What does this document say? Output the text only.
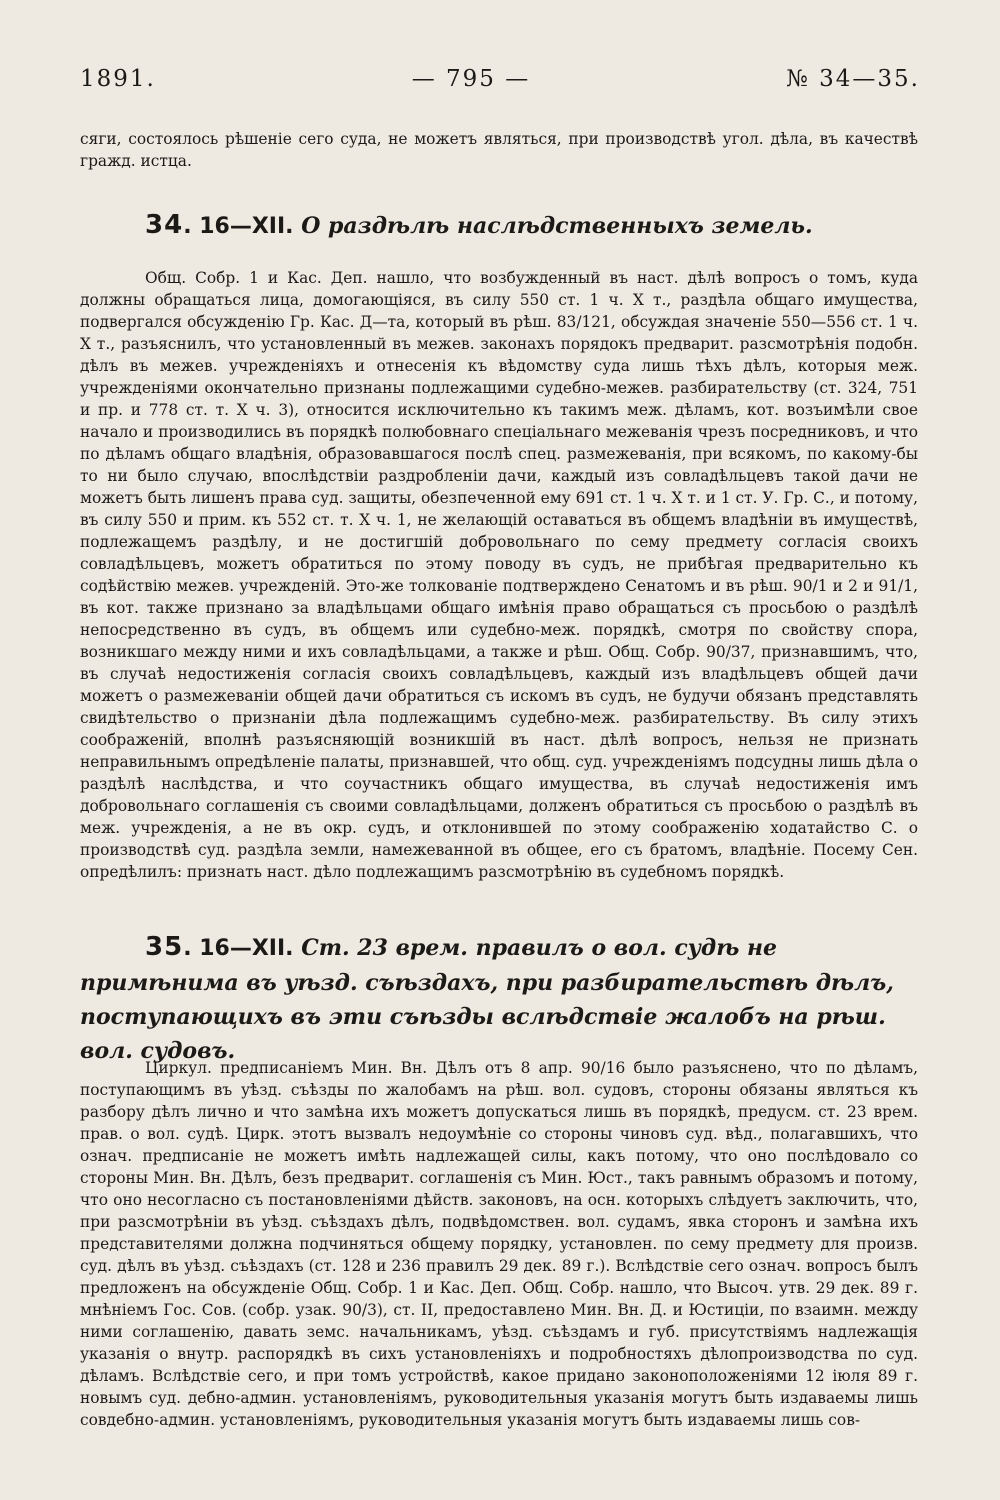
1891.	— 795 —	№ 34—35.

сяги, состоялось рѣшеніе сего суда, не можетъ являться, при производствѣ угол. дѣла, въ качествѣ гражд. истца.

34. 16—XII. О раздѣлѣ наслѣдственныхъ земель.

Общ. Собр. 1 и Кас. Деп. нашло, что возбужденный въ наст. дѣлѣ вопросъ о томъ, куда должны обращаться лица, домогающіяся, въ силу 550 ст. 1 ч. X т., раздѣла общаго имущества, подвергался обсужденію Гр. Кас. Д—та, который въ рѣш. 83/121, обсуждая значеніе 550—556 ст. 1 ч. X т., разъяснилъ, что установленный въ межев. законахъ порядокъ предварит. разсмотрѣнія подобн. дѣлъ въ межев. учрежденіяхъ и отнесенія къ вѣдомству суда лишь тѣхъ дѣлъ, которыя меж. учрежденіями окончательно признаны подлежащими судебно-межев. разбирательству (ст. 324, 751 и пр. и 778 ст. т. X ч. 3), относится исключительно къ такимъ меж. дѣламъ, кот. возъимѣли свое начало и производились въ порядкѣ полюбовнаго спеціальнаго межеванія чрезъ посредниковъ, и что по дѣламъ общаго владѣнія, образовавшагося послѣ спец. размежеванія, при всякомъ, по какому-бы то ни было случаю, впослѣдствіи раздробленіи дачи, каждый изъ совладѣльцевъ такой дачи не можетъ быть лишенъ права суд. защиты, обезпеченной ему 691 ст. 1 ч. X т. и 1 ст. У. Гр. С., и потому, въ силу 550 и прим. къ 552 ст. т. X ч. 1, не желающій оставаться въ общемъ владѣніи въ имуществѣ, подлежащемъ раздѣлу, и не достигшій добровольнаго по сему предмету согласія своихъ совладѣльцевъ, можетъ обратиться по этому поводу въ судъ, не прибѣгая предварительно къ содѣйствію межев. учрежденій. Это-же толкованіе подтверждено Сенатомъ и въ рѣш. 90/1 и 2 и 91/1, въ кот. также признано за владѣльцами общаго имѣнія право обращаться съ просьбою о раздѣлѣ непосредственно въ судъ, въ общемъ или судебно-меж. порядкѣ, смотря по свойству спора, возникшаго между ними и ихъ совладѣльцами, а также и рѣш. Общ. Собр. 90/37, признавшимъ, что, въ случаѣ недостиженія согласія своихъ совладѣльцевъ, каждый изъ владѣльцевъ общей дачи можетъ о размежеваніи общей дачи обратиться съ искомъ въ судъ, не будучи обязанъ представлять свидѣтельство о признаніи дѣла подлежащимъ судебно-меж. разбирательству. Въ силу этихъ соображеній, вполнѣ разъясняющій возникшій въ наст. дѣлѣ вопросъ, нельзя не признать неправильнымъ опредѣленіе палаты, признавшей, что общ. суд. учрежденіямъ подсудны лишь дѣла о раздѣлѣ наслѣдства, и что соучастникъ общаго имущества, въ случаѣ недостиженія имъ добровольнаго соглашенія съ своими совладѣльцами, долженъ обратиться съ просьбою о раздѣлѣ въ меж. учрежденія, а не въ окр. судъ, и отклонившей по этому соображенію ходатайство С. о производствѣ суд. раздѣла земли, намежеванной въ общее, его съ братомъ, владѣніе. Посему Сен. опредѣлилъ: признать наст. дѣло подлежащимъ разсмотрѣнію въ судебномъ порядкѣ.

35. 16—XII. Ст. 23 врем. правилъ о вол. судѣ не примѣнима въ уѣзд. съѣздахъ, при разбирательствѣ дѣлъ, поступающихъ въ эти съѣзды вслѣдствіе жалобъ на рѣш. вол. судовъ.

Циркул. предписаніемъ Мин. Вн. Дѣлъ отъ 8 апр. 90/16 было разъяснено, что по дѣламъ, поступающимъ въ уѣзд. съѣзды по жалобамъ на рѣш. вол. судовъ, стороны обязаны являться къ разбору дѣлъ лично и что замѣна ихъ можетъ допускаться лишь въ порядкѣ, предусм. ст. 23 врем. прав. о вол. судѣ. Цирк. этотъ вызвалъ недоумѣніе со стороны чиновъ суд. вѣд., полагавшихъ, что означ. предписаніе не можетъ имѣть надлежащей силы, какъ потому, что оно послѣдовало со стороны Мин. Вн. Дѣлъ, безъ предварит. соглашенія съ Мин. Юст., такъ равнымъ образомъ и потому, что оно несогласно съ постановленіями дѣйств. законовъ, на осн. которыхъ слѣдуетъ заключить, что, при разсмотрѣніи въ уѣзд. съѣздахъ дѣлъ, подвѣдомствен. вол. судамъ, явка сторонъ и замѣна ихъ представителями должна подчиняться общему порядку, установлен. по сему предмету для произв. суд. дѣлъ въ уѣзд. съѣздахъ (ст. 128 и 236 правилъ 29 дек. 89 г.). Вслѣдствіе сего означ. вопросъ былъ предложенъ на обсужденіе Общ. Собр. 1 и Кас. Деп. Общ. Собр. нашло, что Высоч. утв. 29 дек. 89 г. мнѣніемъ Гос. Сов. (собр. узак. 90/3), ст. II, предоставлено Мин. Вн. Д. и Юстиціи, по взаимн. между ними соглашенію, давать земс. начальникамъ, уѣзд. съѣздамъ и губ. присутствіямъ надлежащія указанія о внутр. распорядкѣ въ сихъ установленіяхъ и подробностяхъ дѣлопроизводства по суд. дѣламъ. Вслѣдствіе сего, и при томъ устройствѣ, какое придано законоположеніями 12 іюля 89 г. новымъ суд. дебно-админ. установленіямъ, руководительныя указанія могутъ быть издаваемы лишь совдебно-админ. установленіямъ, руководительныя указанія могутъ быть издаваемы лишь сов-
